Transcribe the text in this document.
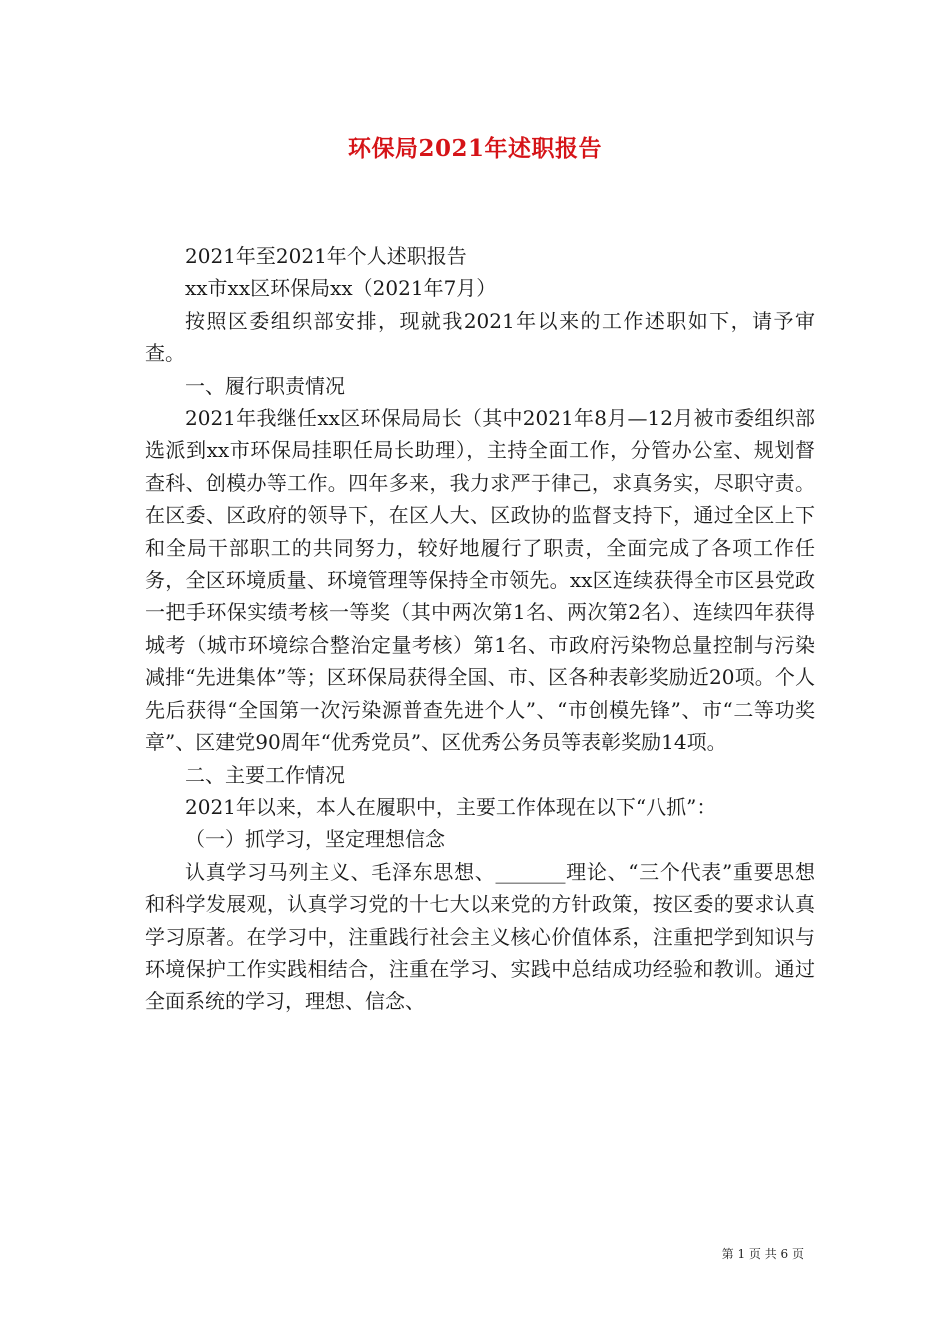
环保局2021年述职报告

2021年至2021年个人述职报告

xx市xx区环保局xx（2021年7月）

按照区委组织部安排，现就我2021年以来的工作述职如下，请予审查。

一、履行职责情况

2021年我继任xx区环保局局长（其中2021年8月—12月被市委组织部选派到xx市环保局挂职任局长助理），主持全面工作，分管办公室、规划督查科、创模办等工作。四年多来，我力求严于律己，求真务实，尽职守责。在区委、区政府的领导下，在区人大、区政协的监督支持下，通过全区上下和全局干部职工的共同努力，较好地履行了职责，全面完成了各项工作任务，全区环境质量、环境管理等保持全市领先。xx区连续获得全市区县党政一把手环保实绩考核一等奖（其中两次第1名、两次第2名）、连续四年获得城考（城市环境综合整治定量考核）第1名、市政府污染物总量控制与污染减排“先进集体”等；区环保局获得全国、市、区各种表彰奖励近20项。个人先后获得“全国第一次污染源普查先进个人”、“市创模先锋”、市“二等功奖章”、区建党90周年“优秀党员”、区优秀公务员等表彰奖励14项。

二、主要工作情况

2021年以来，本人在履职中，主要工作体现在以下“八抓”：

（一）抓学习，坚定理想信念

认真学习马列主义、毛泽东思想、_______理论、“三个代表”重要思想和科学发展观，认真学习党的十七大以来党的方针政策，按区委的要求认真学习原著。在学习中，注重践行社会主义核心价值体系，注重把学到知识与环境保护工作实践相结合，注重在学习、实践中总结成功经验和教训。通过全面系统的学习，理想、信念、

第 1 页 共 6 页
